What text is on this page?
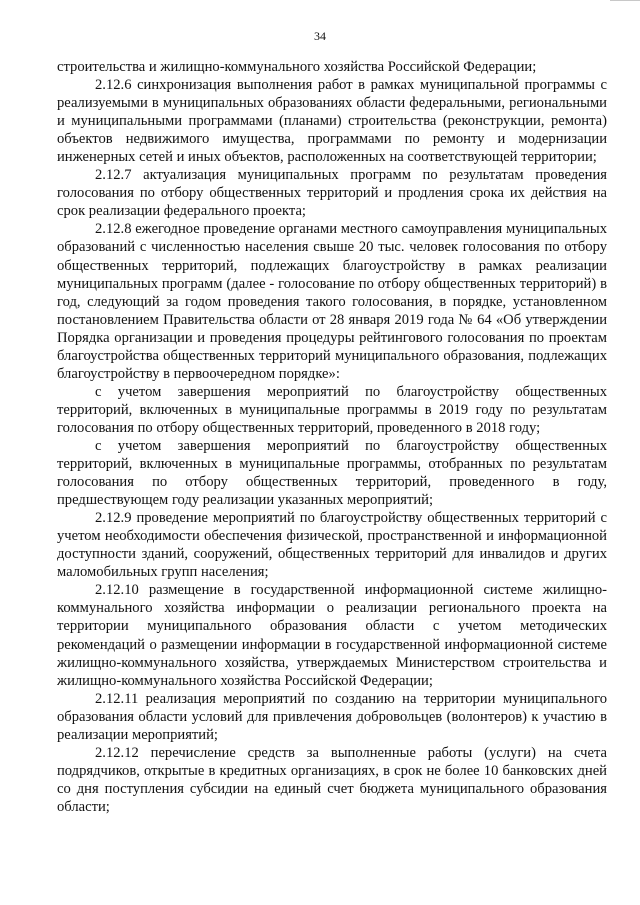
34

строительства и жилищно-коммунального хозяйства Российской Федерации;

2.12.6 синхронизация выполнения работ в рамках муниципальной программы с реализуемыми в муниципальных образованиях области федеральными, региональными и муниципальными программами (планами) строительства (реконструкции, ремонта) объектов недвижимого имущества, программами по ремонту и модернизации инженерных сетей и иных объектов, расположенных на соответствующей территории;

2.12.7 актуализация муниципальных программ по результатам проведения голосования по отбору общественных территорий и продления срока их действия на срок реализации федерального проекта;

2.12.8 ежегодное проведение органами местного самоуправления муниципальных образований с численностью населения свыше 20 тыс. человек голосования по отбору общественных территорий, подлежащих благоустройству в рамках реализации муниципальных программ (далее - голосование по отбору общественных территорий) в год, следующий за годом проведения такого голосования, в порядке, установленном постановлением Правительства области от 28 января 2019 года № 64 «Об утверждении Порядка организации и проведения процедуры рейтингового голосования по проектам благоустройства общественных территорий муниципального образования, подлежащих благоустройству в первоочередном порядке»:

с учетом завершения мероприятий по благоустройству общественных территорий, включенных в муниципальные программы в 2019 году по результатам голосования по отбору общественных территорий, проведенного в 2018 году;

с учетом завершения мероприятий по благоустройству общественных территорий, включенных в муниципальные программы, отобранных по результатам голосования по отбору общественных территорий, проведенного в году, предшествующем году реализации указанных мероприятий;

2.12.9 проведение мероприятий по благоустройству общественных территорий с учетом необходимости обеспечения физической, пространственной и информационной доступности зданий, сооружений, общественных территорий для инвалидов и других маломобильных групп населения;

2.12.10 размещение в государственной информационной системе жилищно-коммунального хозяйства информации о реализации регионального проекта на территории муниципального образования области с учетом методических рекомендаций о размещении информации в государственной информационной системе жилищно-коммунального хозяйства, утверждаемых Министерством строительства и жилищно-коммунального хозяйства Российской Федерации;

2.12.11 реализация мероприятий по созданию на территории муниципального образования области условий для привлечения добровольцев (волонтеров) к участию в реализации мероприятий;

2.12.12 перечисление средств за выполненные работы (услуги) на счета подрядчиков, открытые в кредитных организациях, в срок не более 10 банковских дней со дня поступления субсидии на единый счет бюджета муниципального образования области;
